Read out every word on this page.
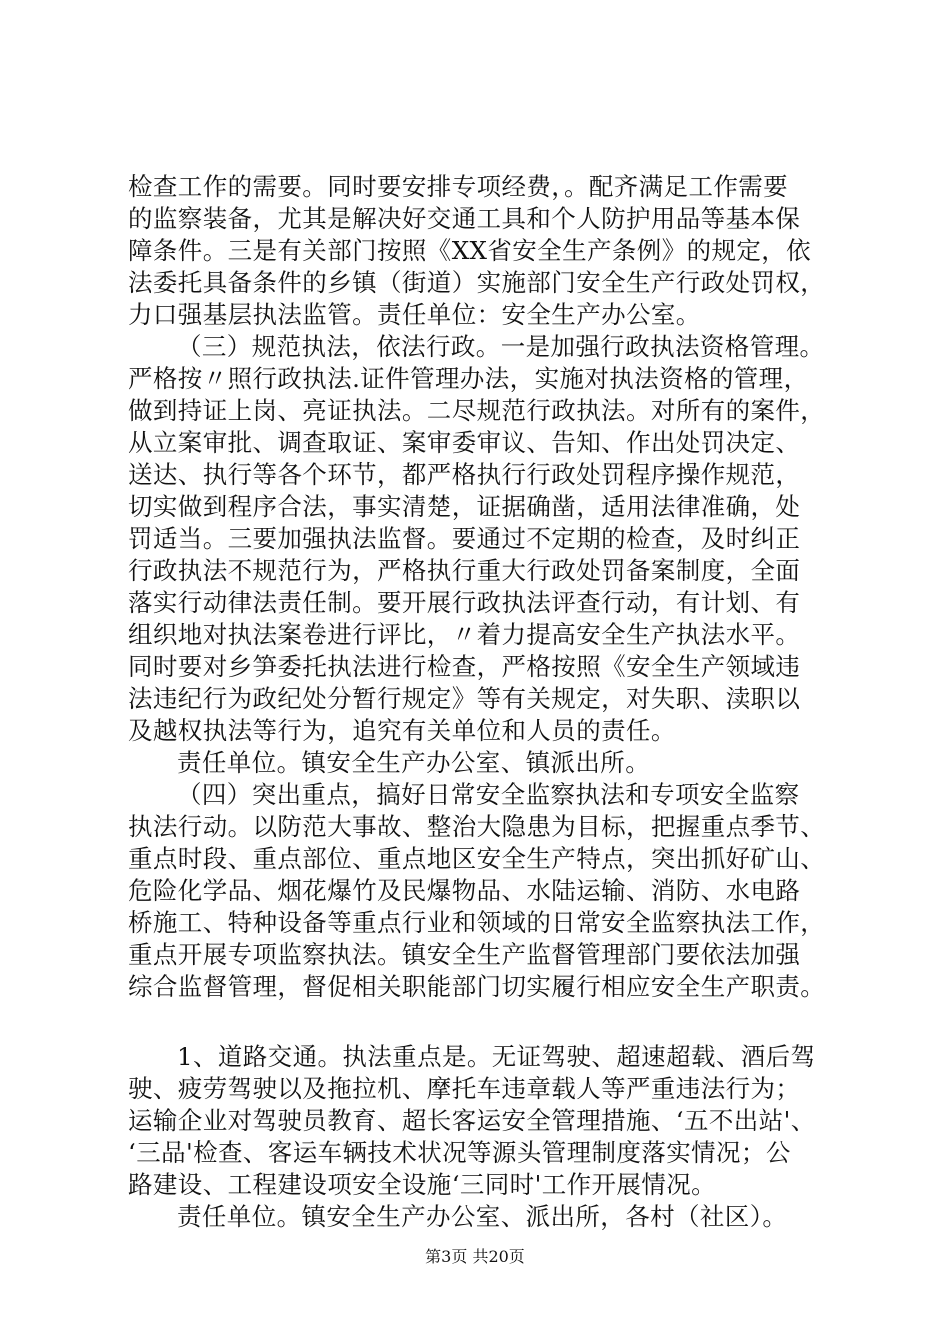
检查工作的需要。同时要安排专项经费，。配齐满足工作需要
的监察装备，尤其是解决好交通工具和个人防护用品等基本保
障条件。三是有关部门按照《XX省安全生产条例》的规定，依
法委托具备条件的乡镇（街道）实施部门安全生产行政处罚权，
力口强基层执法监管。责任单位：安全生产办公室。
（三）规范执法，依法行政。一是加强行政执法资格管理。
严格按〃照行政执法.证件管理办法，实施对执法资格的管理，
做到持证上岗、亮证执法。二尽规范行政执法。对所有的案件，
从立案审批、调查取证、案审委审议、告知、作出处罚决定、
送达、执行等各个环节，都严格执行行政处罚程序操作规范，
切实做到程序合法，事实清楚，证据确凿，适用法律准确，处
罚适当。三要加强执法监督。要通过不定期的检查，及时纠正
行政执法不规范行为，严格执行重大行政处罚备案制度，全面
落实行动律法责任制。要开展行政执法评查行动，有计划、有
组织地对执法案卷进行评比，〃着力提高安全生产执法水平。
同时要对乡笋委托执法进行检查，严格按照《安全生产领域违
法违纪行为政纪处分暂行规定》等有关规定，对失职、渎职以
及越权执法等行为，追究有关单位和人员的责任。
责任单位。镇安全生产办公室、镇派出所。
（四）突出重点，搞好日常安全监察执法和专项安全监察
执法行动。以防范大事故、整治大隐患为目标，把握重点季节、
重点时段、重点部位、重点地区安全生产特点，突出抓好矿山、
危险化学品、烟花爆竹及民爆物品、水陆运输、消防、水电路
桥施工、特种设备等重点行业和领域的日常安全监察执法工作，
重点开展专项监察执法。镇安全生产监督管理部门要依法加强
综合监督管理，督促相关职能部门切实履行相应安全生产职责。
1、道路交通。执法重点是。无证驾驶、超速超载、酒后驾
驶、疲劳驾驶以及拖拉机、摩托车违章载人等严重违法行为；
运输企业对驾驶员教育、超长客运安全管理措施、‘五不出站'、
‘三品'检查、客运车辆技术状况等源头管理制度落实情况；公
路建设、工程建设项安全设施‘三同时'工作开展情况。
责任单位。镇安全生产办公室、派出所，各村（社区）。
第3页 共20页
